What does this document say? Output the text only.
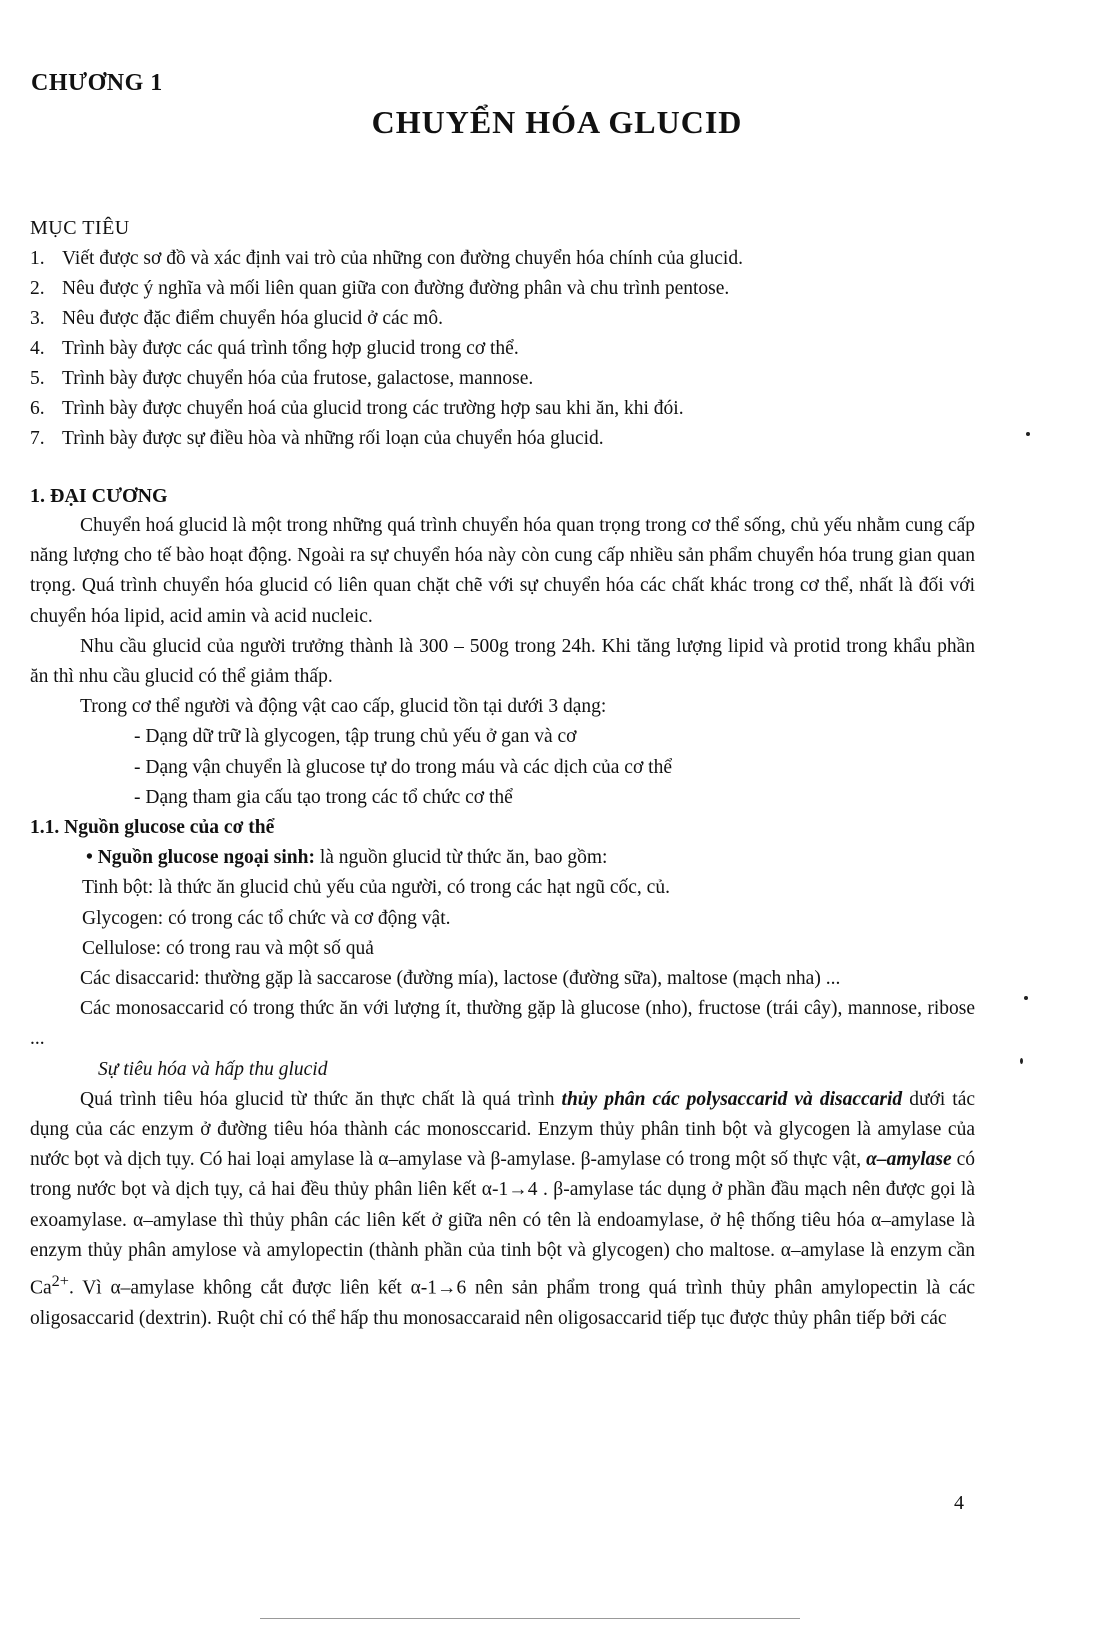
CHƯƠNG 1
CHUYỂN HÓA GLUCID
MỤC TIÊU
1. Viết được sơ đồ và xác định vai trò của những con đường chuyển hóa chính của glucid.
2. Nêu được ý nghĩa và mối liên quan giữa con đường đường phân và chu trình pentose.
3. Nêu được đặc điểm chuyển hóa glucid ở các mô.
4. Trình bày được các quá trình tổng hợp glucid trong cơ thể.
5. Trình bày được chuyển hóa của frutose, galactose, mannose.
6. Trình bày được chuyển hoá của glucid trong các trường hợp sau khi ăn, khi đói.
7. Trình bày được sự điều hòa và những rối loạn của chuyển hóa glucid.
1. ĐẠI CƯƠNG

Chuyển hoá glucid là một trong những quá trình chuyển hóa quan trọng trong cơ thể sống, chủ yếu nhằm cung cấp năng lượng cho tế bào hoạt động. Ngoài ra sự chuyển hóa này còn cung cấp nhiều sản phẩm chuyển hóa trung gian quan trọng. Quá trình chuyển hóa glucid có liên quan chặt chẽ với sự chuyển hóa các chất khác trong cơ thể, nhất là đối với chuyển hóa lipid, acid amin và acid nucleic.

Nhu cầu glucid của người trưởng thành là 300 – 500g trong 24h. Khi tăng lượng lipid và protid trong khẩu phần ăn thì nhu cầu glucid có thể giảm thấp.

Trong cơ thể người và động vật cao cấp, glucid tồn tại dưới 3 dạng:

- Dạng dữ trữ là glycogen, tập trung chủ yếu ở gan và cơ

- Dạng vận chuyển là glucose tự do trong máu và các dịch của cơ thể

- Dạng tham gia cấu tạo trong các tổ chức cơ thể

1.1. Nguồn glucose của cơ thể

• Nguồn glucose ngoại sinh: là nguồn glucid từ thức ăn, bao gồm:

Tinh bột: là thức ăn glucid chủ yếu của người, có trong các hạt ngũ cốc, củ.

Glycogen: có trong các tổ chức và cơ động vật.

Cellulose: có trong rau và một số quả

Các disaccarid: thường gặp là saccarose (đường mía), lactose (đường sữa), maltose (mạch nha) ...

Các monosaccarid có trong thức ăn với lượng ít, thường gặp là glucose (nho), fructose (trái cây), mannose, ribose ...

Sự tiêu hóa và hấp thu glucid

Quá trình tiêu hóa glucid từ thức ăn thực chất là quá trình thủy phân các polysaccarid và disaccarid dưới tác dụng của các enzym ở đường tiêu hóa thành các monosccarid. Enzym thủy phân tinh bột và glycogen là amylase của nước bọt và dịch tụy. Có hai loại amylase là α–amylase và β-amylase. β-amylase có trong một số thực vật, α–amylase có trong nước bọt và dịch tụy, cả hai đều thủy phân liên kết α-1→4 . β-amylase tác dụng ở phần đầu mạch nên được gọi là exoamylase. α–amylase thì thủy phân các liên kết ở giữa nên có tên là endoamylase, ở hệ thống tiêu hóa α–amylase là enzym thủy phân amylose và amylopectin (thành phần của tinh bột và glycogen) cho maltose. α–amylase là enzym cần $Ca^{2+}$. Vì α–amylase không cắt được liên kết α-1→6 nên sản phẩm trong quá trình thủy phân amylopectin là các oligosaccarid (dextrin). Ruột chỉ có thể hấp thu monosaccaraid nên oligosaccarid tiếp tục được thủy phân tiếp bởi các

4
